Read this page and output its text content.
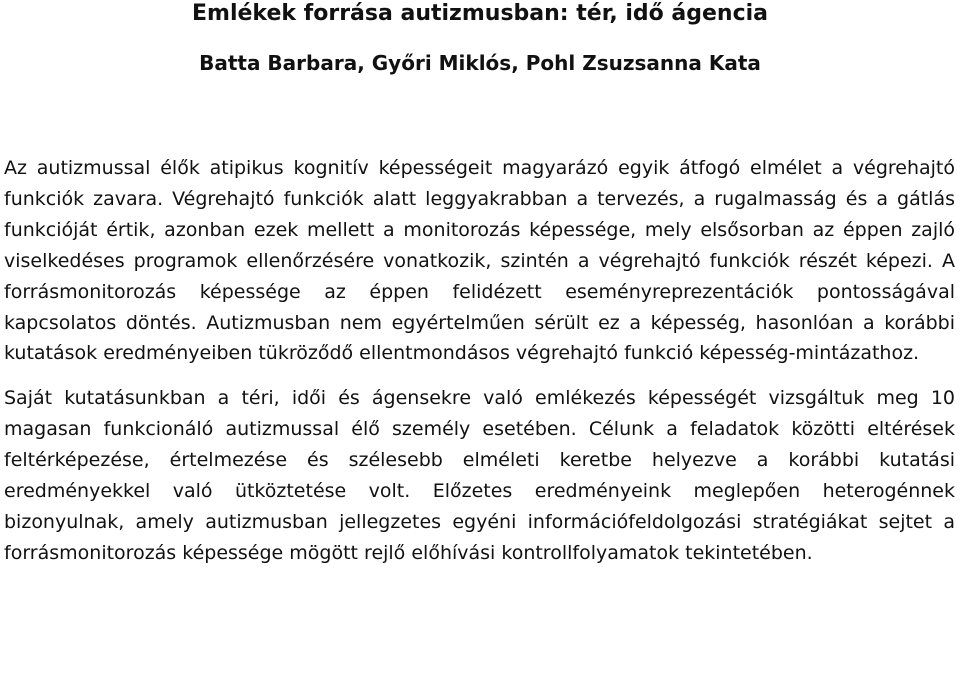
Emlékek forrása autizmusban: tér, idő ágencia
Batta Barbara, Győri Miklós, Pohl Zsuzsanna Kata

Az autizmussal élők atipikus kognitív képességeit magyarázó egyik átfogó elmélet a végrehajtó funkciók zavara. Végrehajtó funkciók alatt leggyakrabban a tervezés, a rugalmasság és a gátlás funkcióját értik, azonban ezek mellett a monitorozás képessége, mely elsősorban az éppen zajló viselkedéses programok ellenőrzésére vonatkozik, szintén a végrehajtó funkciók részét képezi. A forrásmonitorozás képessége az éppen felidézett eseményreprezentációk pontosságával kapcsolatos döntés. Autizmusban nem egyértelműen sérült ez a képesség, hasonlóan a korábbi kutatások eredményeiben tükröződő ellentmondásos végrehajtó funkció képesség-mintázathoz.

Saját kutatásunkban a téri, idői és ágensekre való emlékezés képességét vizsgáltuk meg 10 magasan funkcionáló autizmussal élő személy esetében. Célunk a feladatok közötti eltérések feltérképezése, értelmezése és szélesebb elméleti keretbe helyezve a korábbi kutatási eredményekkel való ütköztetése volt. Előzetes eredményeink meglepően heterogénnek bizonyulnak, amely autizmusban jellegzetes egyéni információfeldolgozási stratégiákat sejtet a forrásmonitorozás képessége mögött rejlő előhívási kontrollfolyamatok tekintetében.
